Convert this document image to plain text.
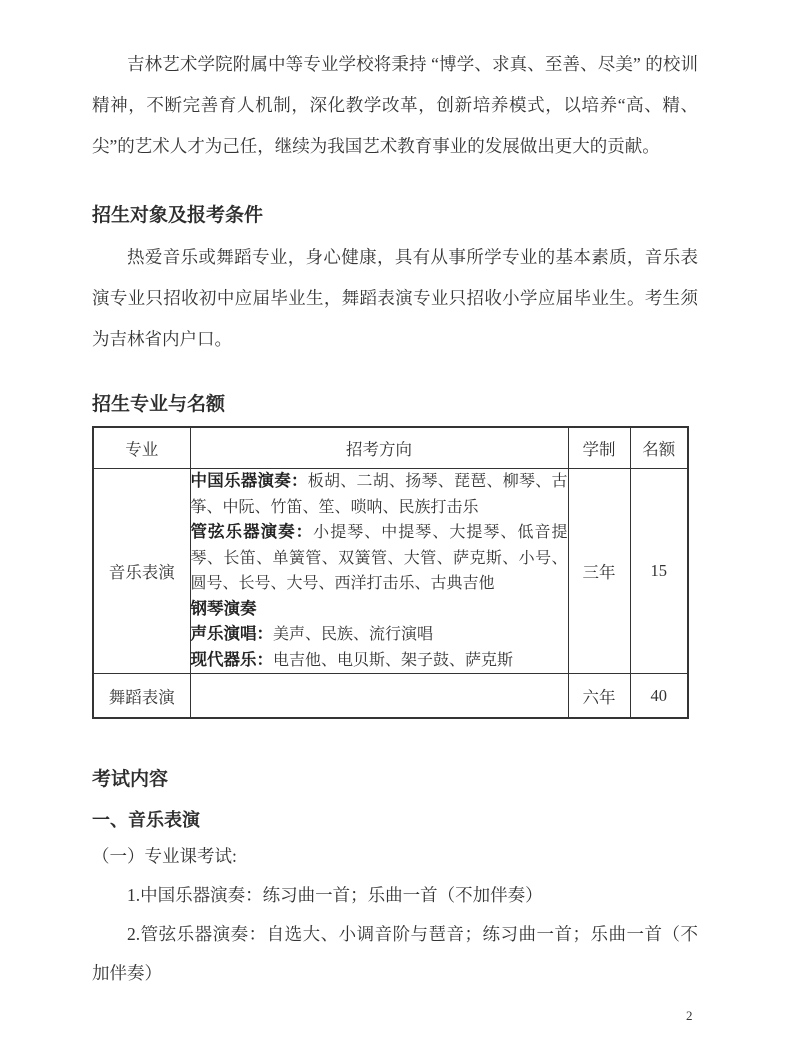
吉林艺术学院附属中等专业学校将秉持 “博学、求真、至善、尽美” 的校训精神，不断完善育人机制，深化教学改革，创新培养模式，以培养“高、精、尖”的艺术人才为己任，继续为我国艺术教育事业的发展做出更大的贡献。

招生对象及报考条件

热爱音乐或舞蹈专业，身心健康，具有从事所学专业的基本素质，音乐表演专业只招收初中应届毕业生，舞蹈表演专业只招收小学应届毕业生。考生须为吉林省内户口。

招生专业与名额
专业	招考方向	学制	名额
音乐表演	中国乐器演奏：板胡、二胡、扬琴、琵琶、柳琴、古筝、中阮、竹笛、笙、唢呐、民族打击乐
管弦乐器演奏：小提琴、中提琴、大提琴、低音提琴、长笛、单簧管、双簧管、大管、萨克斯、小号、圆号、长号、大号、西洋打击乐、古典吉他
钢琴演奏
声乐演唱：美声、民族、流行演唱
现代器乐：电吉他、电贝斯、架子鼓、萨克斯	三年	15
舞蹈表演		六年	40
考试内容
一、音乐表演

（一）专业课考试:

1.中国乐器演奏：练习曲一首；乐曲一首（不加伴奏）

2.管弦乐器演奏：自选大、小调音阶与琶音；练习曲一首；乐曲一首（不加伴奏）

2
